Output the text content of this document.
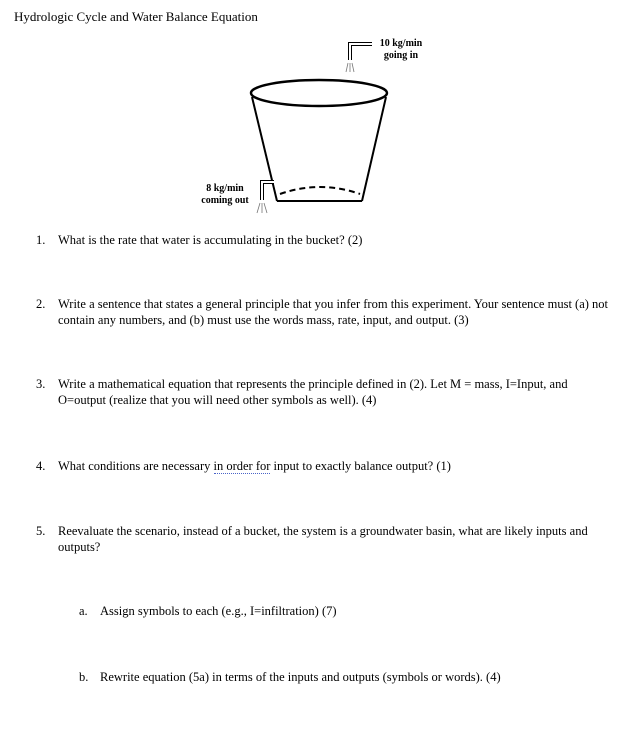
Hydrologic Cycle and Water Balance Equation
10 kg/min
going in
8 kg/min
coming out
1.	What is the rate that water is accumulating in the bucket? (2)
2.	Write a sentence that states a general principle that you infer from this experiment. Your sentence must (a) not contain any numbers, and (b) must use the words mass, rate, input, and output. (3)
3.	Write a mathematical equation that represents the principle defined in (2). Let M = mass, I=Input, and O=output (realize that you will need other symbols as well). (4)
4.	What conditions are necessary in order for input to exactly balance output? (1)
5.	Reevaluate the scenario, instead of a bucket, the system is a groundwater basin, what are likely inputs and outputs?
a. Assign symbols to each (e.g., I=infiltration) (7)
b. Rewrite equation (5a) in terms of the inputs and outputs (symbols or words). (4)
